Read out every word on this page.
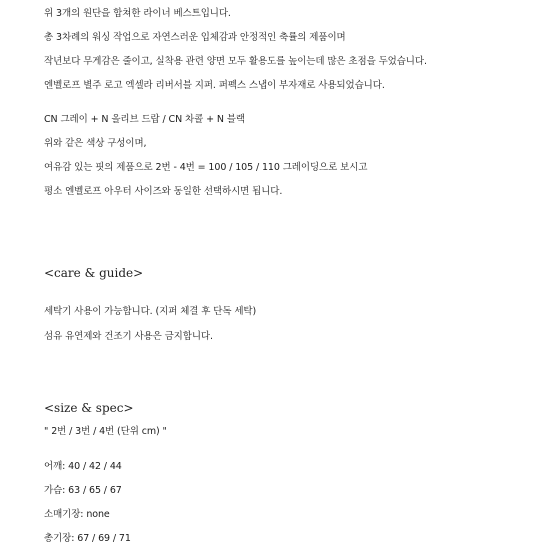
위 3개의 원단을 합쳐한 라이너 베스트입니다.
총 3차례의 워싱 작업으로 자연스러운 입체감과 안정적인 축률의 제품이며
작년보다 무게감은 줄이고, 실착용 관련 양면 모두 활용도를 높이는데 많은 초점을 두었습니다.
엔벨로프 별주 로고 엑셀라 리버서블 지퍼. 퍼펙스 스냅이 부자재로 사용되었습니다.
CN 그레이 + N 올리브 드랍 / CN 차콜 + N 블랙
위와 같은 색상 구성이며,
여유감 있는 핏의 제품으로 2번 - 4번 = 100 / 105 / 110 그레이딩으로 보시고
평소 엔벨로프 아우터 사이즈와 동일한 선택하시면 됩니다.
<care & guide>
세탁기 사용이 가능합니다. (지퍼 체결 후 단독 세탁)
섬유 유연제와 건조기 사용은 금지합니다.
<size & spec>
" 2번 / 3번 / 4번 (단위 cm) "
어깨: 40 / 42 / 44
가슴: 63 / 65 / 67
소매기장: none
총기장: 67 / 69 / 71
